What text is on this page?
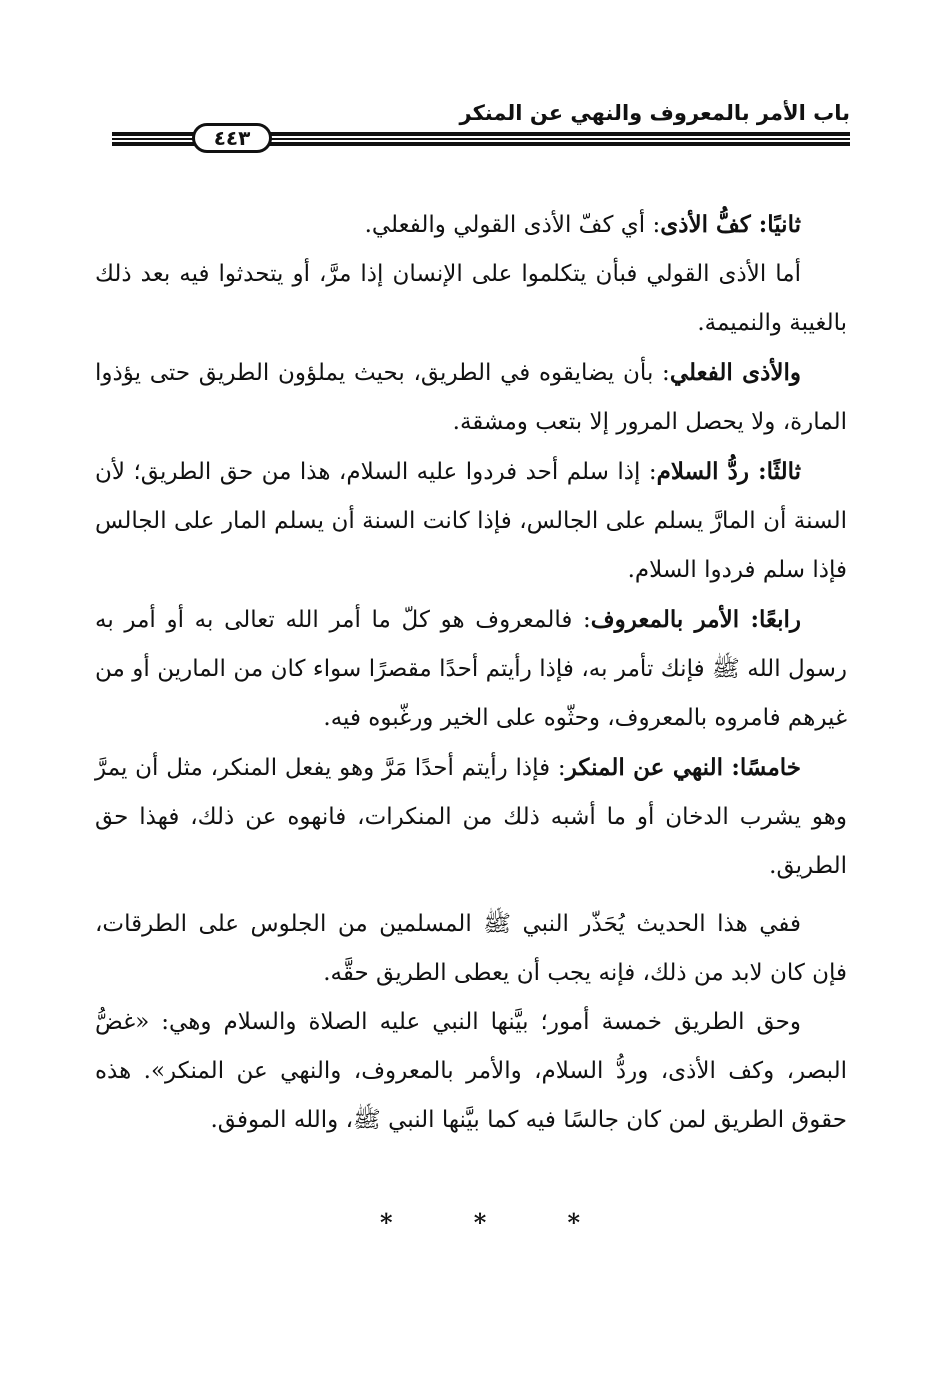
باب الأمر بالمعروف والنهي عن المنكر
٤٤٣

ثانيًا: كفُّ الأذى: أي كفّ الأذى القولي والفعلي.

أما الأذى القولي فبأن يتكلموا على الإنسان إذا مرَّ، أو يتحدثوا فيه بعد ذلك بالغيبة والنميمة.

والأذى الفعلي: بأن يضايقوه في الطريق، بحيث يملؤون الطريق حتى يؤذوا المارة، ولا يحصل المرور إلا بتعب ومشقة.

ثالثًا: ردُّ السلام: إذا سلم أحد فردوا عليه السلام، هذا من حق الطريق؛ لأن السنة أن المارَّ يسلم على الجالس، فإذا كانت السنة أن يسلم المار على الجالس فإذا سلم فردوا السلام.

رابعًا: الأمر بالمعروف: فالمعروف هو كلّ ما أمر الله تعالى به أو أمر به رسول الله ﷺ فإنك تأمر به، فإذا رأيتم أحدًا مقصرًا سواء كان من المارين أو من غيرهم فامروه بالمعروف، وحثّوه على الخير ورغّبوه فيه.

خامسًا: النهي عن المنكر: فإذا رأيتم أحدًا مَرَّ وهو يفعل المنكر، مثل أن يمرَّ وهو يشرب الدخان أو ما أشبه ذلك من المنكرات، فانهوه عن ذلك، فهذا حق الطريق.

ففي هذا الحديث يُحَذّر النبي ﷺ المسلمين من الجلوس على الطرقات، فإن كان لابد من ذلك، فإنه يجب أن يعطى الطريق حقَّه.

وحق الطريق خمسة أمور؛ بيَّنها النبي عليه الصلاة والسلام وهي: «غضُّ البصر، وكف الأذى، وردُّ السلام، والأمر بالمعروف، والنهي عن المنكر». هذه حقوق الطريق لمن كان جالسًا فيه كما بيَّنها النبي ﷺ، والله الموفق.

*	*	*
